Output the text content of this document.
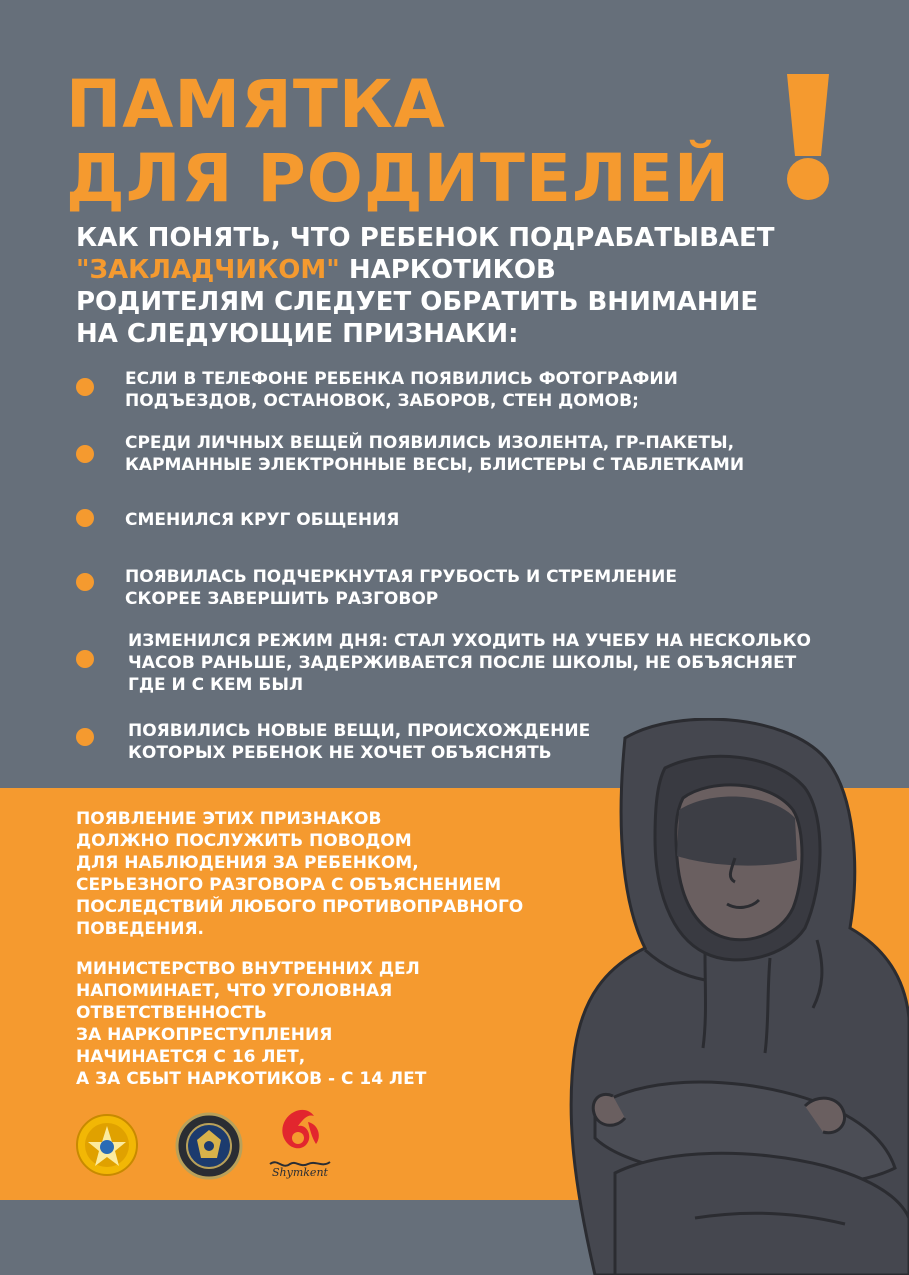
ПАМЯТКА
ДЛЯ РОДИТЕЛЕЙ
КАК ПОНЯТЬ, ЧТО РЕБЕНОК ПОДРАБАТЫВАЕТ
"ЗАКЛАДЧИКОМ" НАРКОТИКОВ
РОДИТЕЛЯМ СЛЕДУЕТ ОБРАТИТЬ ВНИМАНИЕ
НА СЛЕДУЮЩИЕ ПРИЗНАКИ:
ЕСЛИ В ТЕЛЕФОНЕ РЕБЕНКА ПОЯВИЛИСЬ ФОТОГРАФИИ
ПОДЪЕЗДОВ, ОСТАНОВОК, ЗАБОРОВ, СТЕН ДОМОВ;
СРЕДИ ЛИЧНЫХ ВЕЩЕЙ ПОЯВИЛИСЬ ИЗОЛЕНТА, ГР-ПАКЕТЫ,
КАРМАННЫЕ ЭЛЕКТРОННЫЕ ВЕСЫ, БЛИСТЕРЫ С ТАБЛЕТКАМИ
СМЕНИЛСЯ КРУГ ОБЩЕНИЯ
ПОЯВИЛАСЬ ПОДЧЕРКНУТАЯ ГРУБОСТЬ И СТРЕМЛЕНИЕ
СКОРЕЕ ЗАВЕРШИТЬ РАЗГОВОР
ИЗМЕНИЛСЯ РЕЖИМ ДНЯ: СТАЛ УХОДИТЬ НА УЧЕБУ НА НЕСКОЛЬКО
ЧАСОВ РАНЬШЕ, ЗАДЕРЖИВАЕТСЯ ПОСЛЕ ШКОЛЫ, НЕ ОБЪЯСНЯЕТ
ГДЕ И С КЕМ БЫЛ
ПОЯВИЛИСЬ НОВЫЕ ВЕЩИ, ПРОИСХОЖДЕНИЕ
КОТОРЫХ РЕБЕНОК НЕ ХОЧЕТ ОБЪЯСНЯТЬ
ПОЯВЛЕНИЕ ЭТИХ ПРИЗНАКОВ
ДОЛЖНО ПОСЛУЖИТЬ ПОВОДОМ
ДЛЯ НАБЛЮДЕНИЯ ЗА РЕБЕНКОМ,
СЕРЬЕЗНОГО РАЗГОВОРА С ОБЪЯСНЕНИЕМ
ПОСЛЕДСТВИЙ ЛЮБОГО ПРОТИВОПРАВНОГО
ПОВЕДЕНИЯ.
МИНИСТЕРСТВО ВНУТРЕННИХ ДЕЛ
НАПОМИНАЕТ, ЧТО УГОЛОВНАЯ
ОТВЕТСТВЕННОСТЬ
ЗА НАРКОПРЕСТУПЛЕНИЯ
НАЧИНАЕТСЯ С 16 ЛЕТ,
А ЗА СБЫТ НАРКОТИКОВ - С 14 ЛЕТ
Shymkent
